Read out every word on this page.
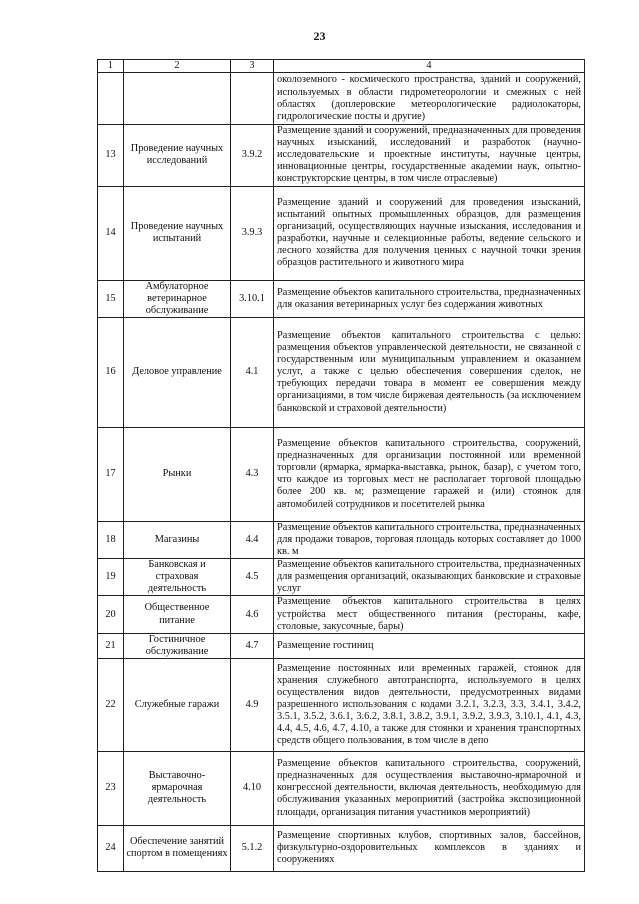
23
1	2	3	4
			околоземного - космического пространства, зданий и сооружений, используемых в области гидрометеорологии и смежных с ней областях (доплеровские метеорологические радиолокаторы, гидрологические посты и другие)
13	Проведение научных исследований	3.9.2	Размещение зданий и сооружений, предназначенных для проведения научных изысканий, исследований и разработок (научно-исследовательские и проектные институты, научные центры, инновационные центры, государственные академии наук, опытно-конструкторские центры, в том числе отраслевые)
14	Проведение научных испытаний	3.9.3	Размещение зданий и сооружений для проведения изысканий, испытаний опытных промышленных образцов, для размещения организаций, осуществляющих научные изыскания, исследования и разработки, научные и селекционные работы, ведение сельского и лесного хозяйства для получения ценных с научной точки зрения образцов растительного и животного мира
15	Амбулаторное ветеринарное обслуживание	3.10.1	Размещение объектов капитального строительства, предназначенных для оказания ветеринарных услуг без содержания животных
16	Деловое управление	4.1	Размещение объектов капитального строительства с целью: размещения объектов управленческой деятельности, не связанной с государственным или муниципальным управлением и оказанием услуг, а также с целью обеспечения совершения сделок, не требующих передачи товара в момент ее совершения между организациями, в том числе биржевая деятельность (за исключением банковской и страховой деятельности)
17	Рынки	4.3	Размещение объектов капитального строительства, сооружений, предназначенных для организации постоянной или временной торговли (ярмарка, ярмарка-выставка, рынок, базар), с учетом того, что каждое из торговых мест не располагает торговой площадью более 200 кв. м; размещение гаражей и (или) стоянок для автомобилей сотрудников и посетителей рынка
18	Магазины	4.4	Размещение объектов капитального строительства, предназначенных для продажи товаров, торговая площадь которых составляет до 1000 кв. м
19	Банковская и страховая деятельность	4.5	Размещение объектов капитального строительства, предназначенных для размещения организаций, оказывающих банковские и страховые услуг
20	Общественное питание	4.6	Размещение объектов капитального строительства в целях устройства мест общественного питания (рестораны, кафе, столовые, закусочные, бары)
21	Гостиничное обслуживание	4.7	Размещение гостиниц
22	Служебные гаражи	4.9	Размещение постоянных или временных гаражей, стоянок для хранения служебного автотранспорта, используемого в целях осуществления видов деятельности, предусмотренных видами разрешенного использования с кодами 3.2.1, 3.2.3, 3.3, 3.4.1, 3.4.2, 3.5.1, 3.5.2, 3.6.1, 3.6.2, 3.8.1, 3.8.2, 3.9.1, 3.9.2, 3.9.3, 3.10.1, 4.1, 4.3, 4.4, 4.5, 4.6, 4.7, 4.10, а также для стоянки и хранения транспортных средств общего пользования, в том числе в депо
23	Выставочно-ярмарочная деятельность	4.10	Размещение объектов капитального строительства, сооружений, предназначенных для осуществления выставочно-ярмарочной и конгрессной деятельности, включая деятельность, необходимую для обслуживания указанных мероприятий (застройка экспозиционной площади, организация питания участников мероприятий)
24	Обеспечение занятий спортом в помещениях	5.1.2	Размещение спортивных клубов, спортивных залов, бассейнов, физкультурно-оздоровительных комплексов в зданиях и сооружениях
